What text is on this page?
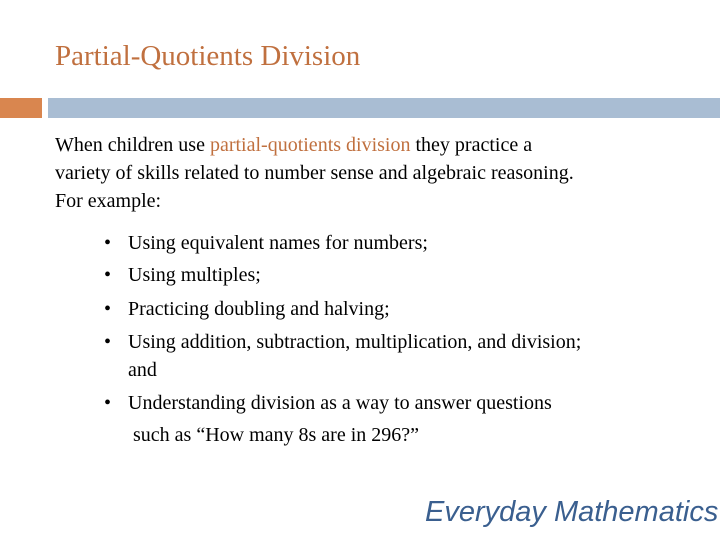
Partial-Quotients Division
When children use partial-quotients division they practice a
variety of skills related to number sense and algebraic reasoning.
For example:
• Using equivalent names for numbers;
• Using multiples;
• Practicing doubling and halving;
• Using addition, subtraction, multiplication, and division;
and
• Understanding division as a way to answer questions
such as “How many 8s are in 296?”
Everyday Mathematics
